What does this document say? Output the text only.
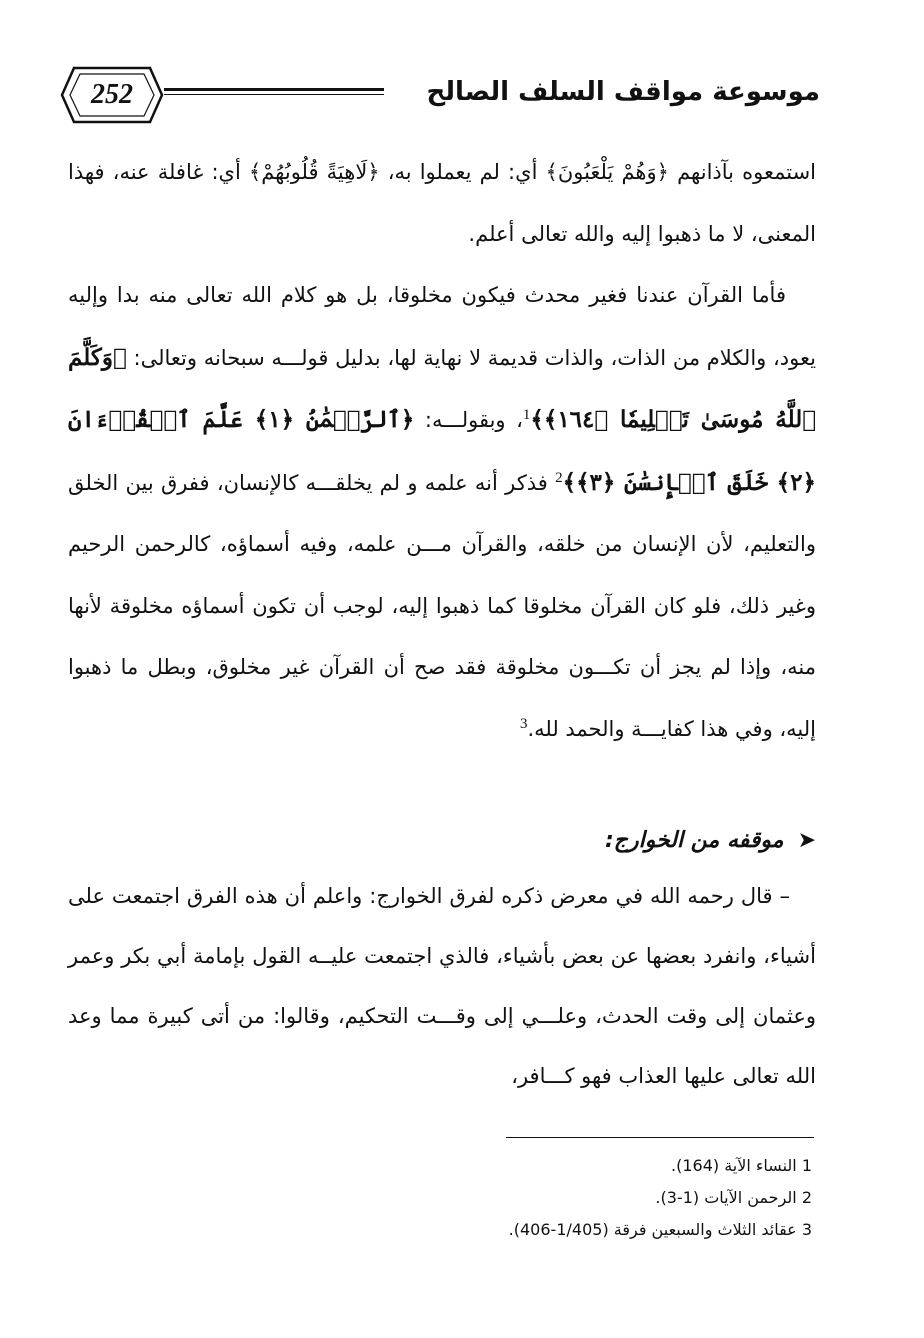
252	موسوعة مواقف السلف الصالح

استمعوه بآذانهم ﴿وَهُمْ يَلْعَبُونَ﴾ أي: لم يعملوا به، ﴿لَاهِيَةً قُلُوبُهُمْ﴾ أي: غافلة عنه، فهذا المعنى، لا ما ذهبوا إليه والله تعالى أعلم.

فأما القرآن عندنا فغير محدث فيكون مخلوقا، بل هو كلام الله تعالى منه بدا وإليه يعود، والكلام من الذات، والذات قديمة لا نهاية لها، بدليل قولـــه سبحانه وتعالى: ﴿وَكَلَّمَ ٱللَّهُ مُوسَىٰ تَكۡلِيمٗا ﴿١٦٤﴾﴾$^1$، وبقولـــه: ﴿ٱلرَّحۡمَٰنُ ﴿١﴾ عَلَّمَ ٱلۡقُرۡءَانَ ﴿٢﴾ خَلَقَ ٱلۡإِنسَٰنَ ﴿٣﴾﴾$^2$ فذكر أنه علمه و لم يخلقـــه كالإنسان، ففرق بين الخلق والتعليم، لأن الإنسان من خلقه، والقرآن مـــن علمه، وفيه أسماؤه، كالرحمن الرحيم وغير ذلك، فلو كان القرآن مخلوقا كما ذهبوا إليه، لوجب أن تكون أسماؤه مخلوقة لأنها منه، وإذا لم يجز أن تكـــون مخلوقة فقد صح أن القرآن غير مخلوق، وبطل ما ذهبوا إليه، وفي هذا كفايـــة والحمد لله.$^3$

➤موقفه من الخوارج:

– قال رحمه الله في معرض ذكره لفرق الخوارج: واعلم أن هذه الفرق اجتمعت على أشياء، وانفرد بعضها عن بعض بأشياء، فالذي اجتمعت عليــه القول بإمامة أبي بكر وعمر وعثمان إلى وقت الحدث، وعلـــي إلى وقـــت التحكيم، وقالوا: من أتى كبيرة مما وعد الله تعالى عليها العذاب فهو كـــافر،

1 النساء الآية (164).

2 الرحمن الآيات (1-3).

3 عقائد الثلاث والسبعين فرقة (1/405-406).
